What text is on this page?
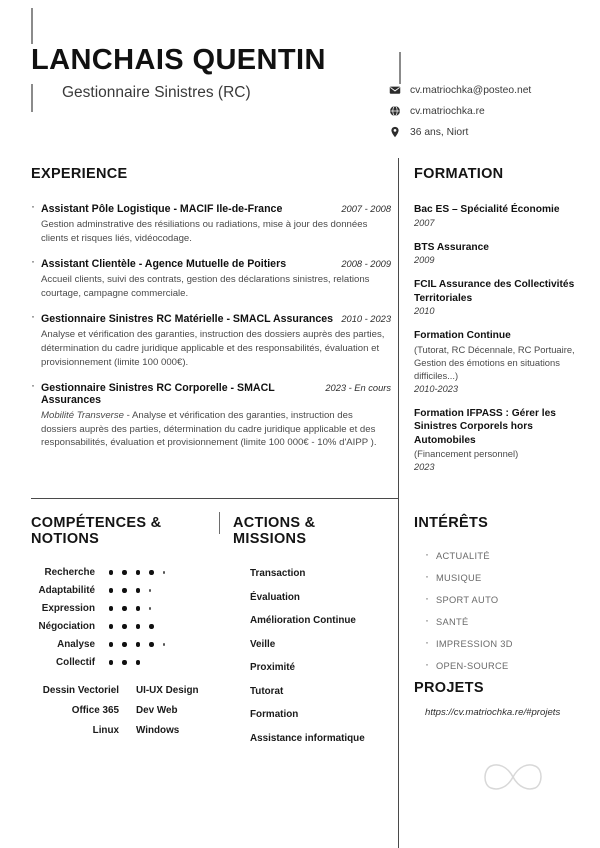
LANCHAIS QUENTIN
Gestionnaire Sinistres (RC)	cv.matriochka@posteo.net
cv.matriochka.re
36 ans, Niort
EXPERIENCE
· Assistant Pôle Logistique - MACIF Ile-de-France	2007 - 2008
Gestion adminstrative des résiliations ou radiations, mise à jour des données clients et risques liés, vidéocodage.
· Assistant Clientèle - Agence Mutuelle de Poitiers	2008 - 2009
Accueil clients, suivi des contrats, gestion des déclarations sinistres, relations courtage, campagne commerciale.
· Gestionnaire Sinistres RC Matérielle - SMACL Assurances 2010 - 2023
Analyse et vérification des garanties, instruction des dossiers auprès des parties, détermination du cadre juridique applicable et des responsabilités, évaluation et provisionnement (limite 100 000€).
· Gestionnaire Sinistres RC Corporelle - SMACL Assurances
2023 - En cours
Mobilité Transverse - Analyse et vérification des garanties, instruction des dossiers auprès des parties, détermination du cadre juridique applicable et des responsabilités, évaluation et provisionnement (limite 100 000€ - 10% d'AIPP ).
FORMATION
Bac ES – Spécialité Économie
2007
BTS Assurance
2009
FCIL Assurance des Collectivités Territoriales
2010
Formation Continue
(Tutorat, RC Décennale, RC Portuaire, Gestion des émotions en situations difficiles...)
2010-2023
Formation IFPASS : Gérer les Sinistres Corporels hors Automobiles
(Financement personnel)
2023
COMPÉTENCES & NOTIONS
Recherche
Adaptabilité
Expression
Négociation
Analyse
Collectif
Dessin Vectoriel	UI-UX Design
Office 365	Dev Web
Linux	Windows
ACTIONS & MISSIONS
Transaction
Évaluation
Amélioration Continue
Veille
Proximité
Tutorat
Formation
Assistance informatique
INTÉRÊTS
· ACTUALITÉ
· MUSIQUE
· SPORT AUTO
· SANTÉ
· IMPRESSION 3D
· OPEN-SOURCE
PROJETS
https://cv.matriochka.re/#projets
